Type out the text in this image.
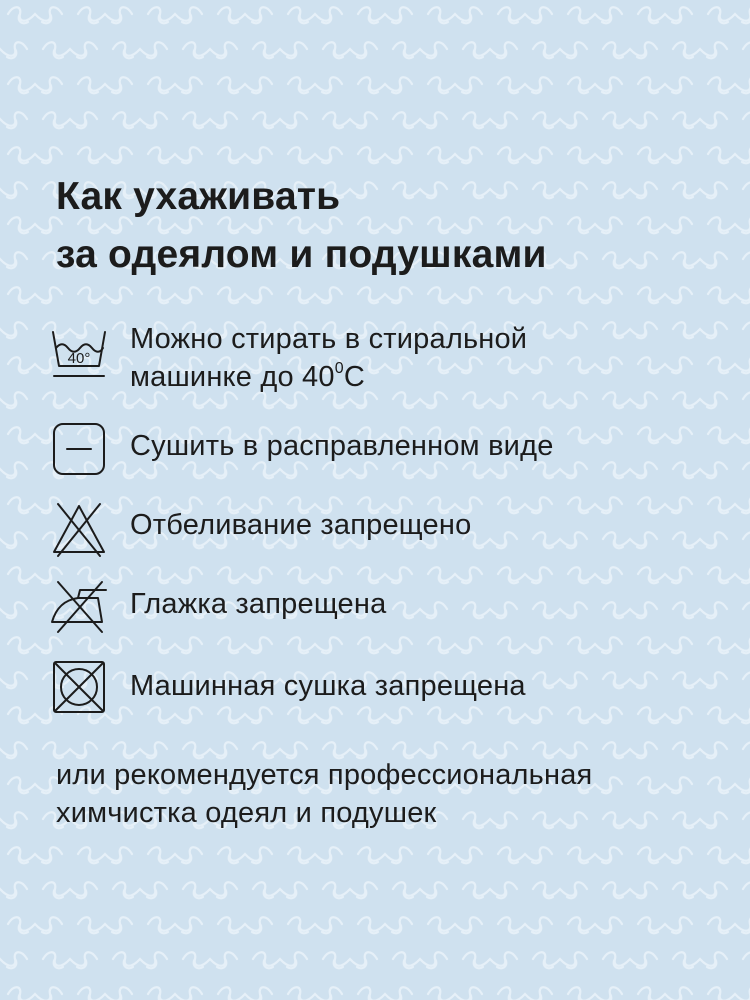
Как ухаживать
за одеялом и подушками
40°
Можно стирать в стиральной
машинке до $40^0С$
Сушить в расправленном виде
Отбеливание запрещено
Глажка запрещена
Машинная сушка запрещена
или рекомендуется профессиональная
химчистка одеял и подушек
